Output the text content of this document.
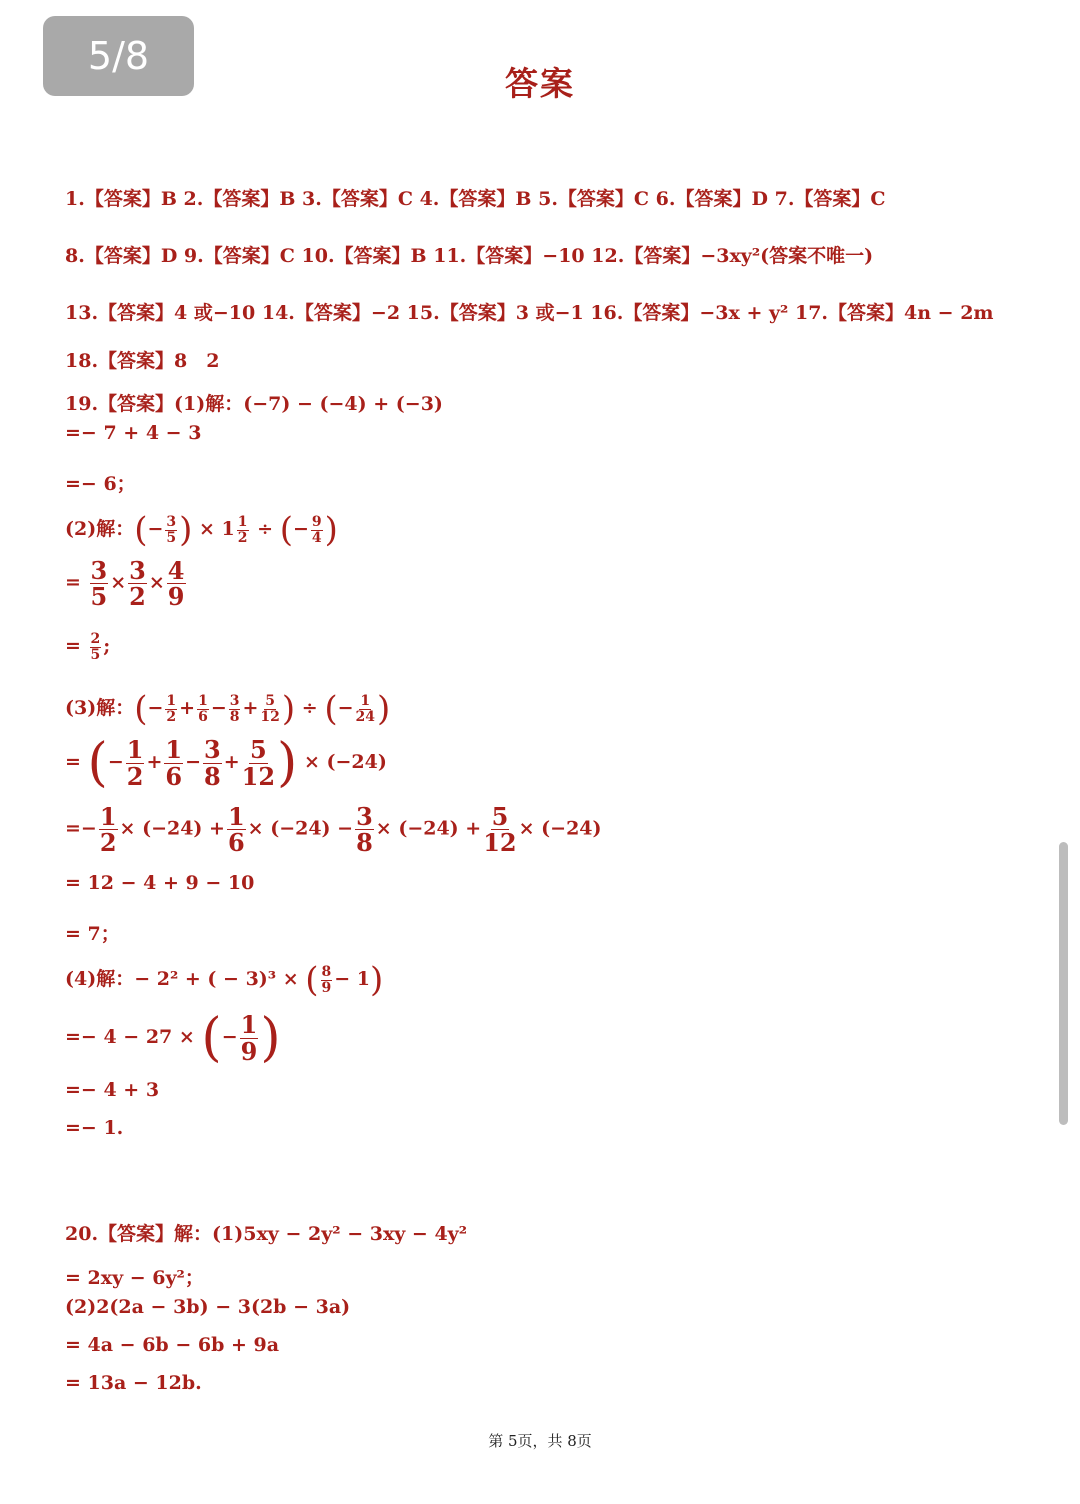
5/8
答案
1.【答案】B 2.【答案】B 3.【答案】C 4.【答案】B 5.【答案】C 6.【答案】D 7.【答案】C
8.【答案】D 9.【答案】C 10.【答案】B 11.【答案】−10 12.【答案】−3xy²(答案不唯一)
13.【答案】4 或−10 14.【答案】−2 15.【答案】3 或−1 16.【答案】−3x + y² 17.【答案】4n − 2m
18.【答案】8　2
19.【答案】(1)解：(−7) − (−4) + (−3)
=− 7 + 4 − 3
=− 6；
(2)解：(− $\frac{3}{5}$ ) × $1 \frac{1}{2}$ ÷ (− $\frac{9}{4}$ )
= $\frac{3}{5} \times \frac{3}{2} \times \frac{4}{9}$
= $\frac{2}{5}$ ;
(3)解：(− $\frac{1}{2} + \frac{1}{6} - \frac{3}{8} + \frac{5}{12}$ ) ÷ (− $\frac{1}{24}$ )
= (− $\frac{1}{2} + \frac{1}{6} - \frac{3}{8} + \frac{5}{12}$ ) × (−24)
=− $\frac{1}{2} \times (-24) + \frac{1}{6} \times (-24) - \frac{3}{8} \times (-24) + \frac{5}{12} \times (-24)$
= 12 − 4 + 9 − 10
= 7；
(4)解：− 2² + ( − 3)³ × ( $\frac{8}{9} - 1$)
=− 4 − 27 × (− $\frac{1}{9}$ )
=− 4 + 3
=− 1.
20.【答案】解：(1)5xy − 2y² − 3xy − 4y²
= 2xy − 6y²；
(2)2(2a − 3b) − 3(2b − 3a)
= 4a − 6b − 6b + 9a
= 13a − 12b.
第 5页，共 8页
